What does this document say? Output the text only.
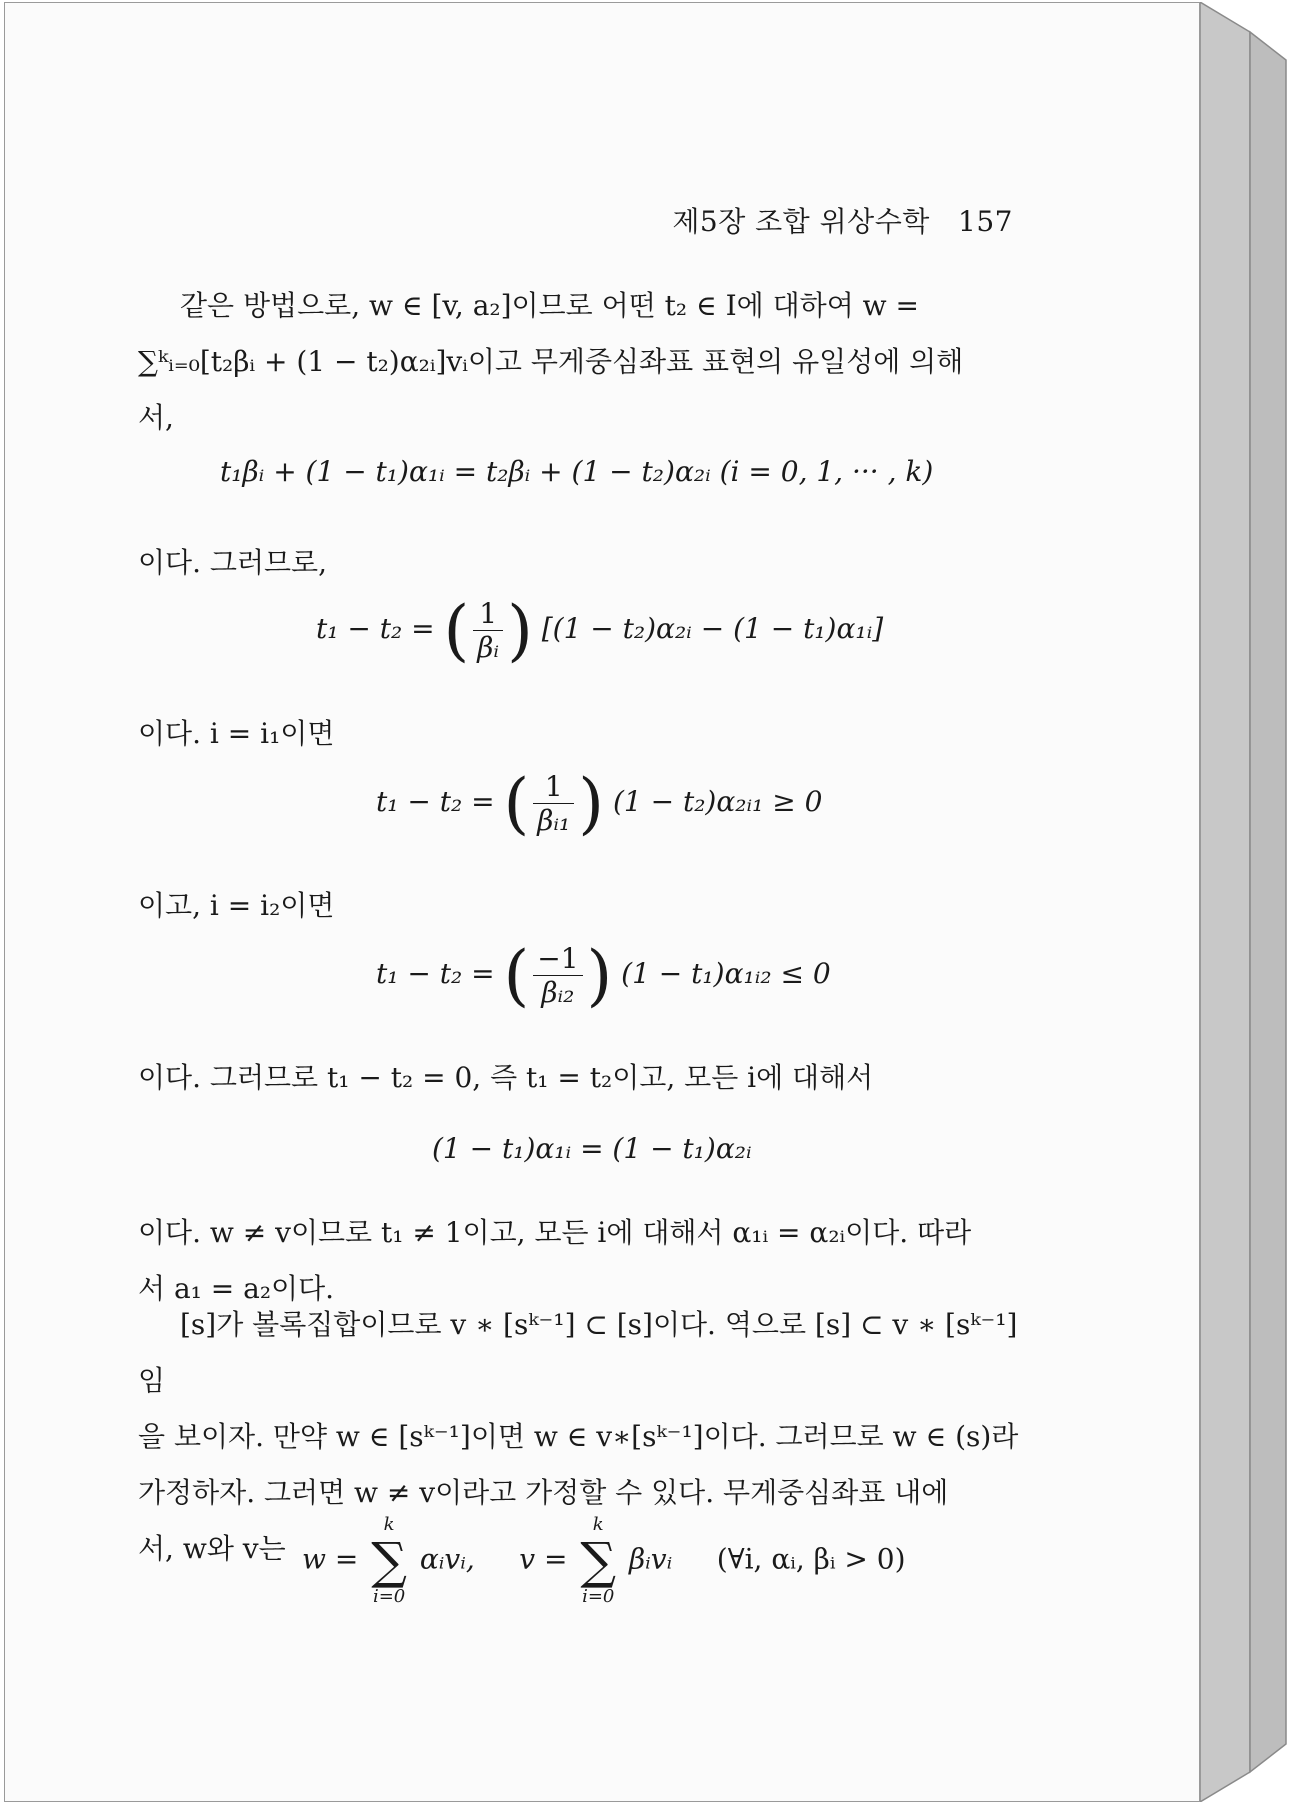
제5장 조합 위상수학 157

같은 방법으로, w ∈ [v, a₂]이므로 어떤 t₂ ∈ I에 대하여 w =

∑ᵏᵢ₌₀[t₂βᵢ + (1 − t₂)α₂ᵢ]vᵢ이고 무게중심좌표 표현의 유일성에 의해

서,

t₁βᵢ + (1 − t₁)α₁ᵢ = t₂βᵢ + (1 − t₂)α₂ᵢ (i = 0, 1, ··· , k)

이다. 그러므로,

t₁ − t₂ = ( $\frac{1}{\text{βᵢ}}$ ) [(1 − t₂)α₂ᵢ − (1 − t₁)α₁ᵢ]

이다. i = i₁이면

t₁ − t₂ = ( $\frac{1}{\text{βᵢ₁}}$ ) (1 − t₂)α₂ᵢ₁ ≥ 0

이고, i = i₂이면

t₁ − t₂ = ( $\frac{-1}{\text{βᵢ₂}}$ ) (1 − t₁)α₁ᵢ₂ ≤ 0

이다. 그러므로 t₁ − t₂ = 0, 즉 t₁ = t₂이고, 모든 i에 대해서

(1 − t₁)α₁ᵢ = (1 − t₁)α₂ᵢ

이다. w ≠ v이므로 t₁ ≠ 1이고, 모든 i에 대해서 α₁ᵢ = α₂ᵢ이다. 따라

서 a₁ = a₂이다.

[s]가 볼록집합이므로 v ∗ [sᵏ⁻¹] ⊂ [s]이다. 역으로 [s] ⊂ v ∗ [sᵏ⁻¹]임

을 보이자. 만약 w ∈ [sᵏ⁻¹]이면 w ∈ v∗[sᵏ⁻¹]이다. 그러므로 w ∈ (s)라

가정하자. 그러면 w ≠ v이라고 가정할 수 있다. 무게중심좌표 내에

서, w와 v는 w =
k
∑
i=0
αᵢvᵢ, v =
k
∑
i=0
βᵢvᵢ (∀i, αᵢ, βᵢ > 0)
